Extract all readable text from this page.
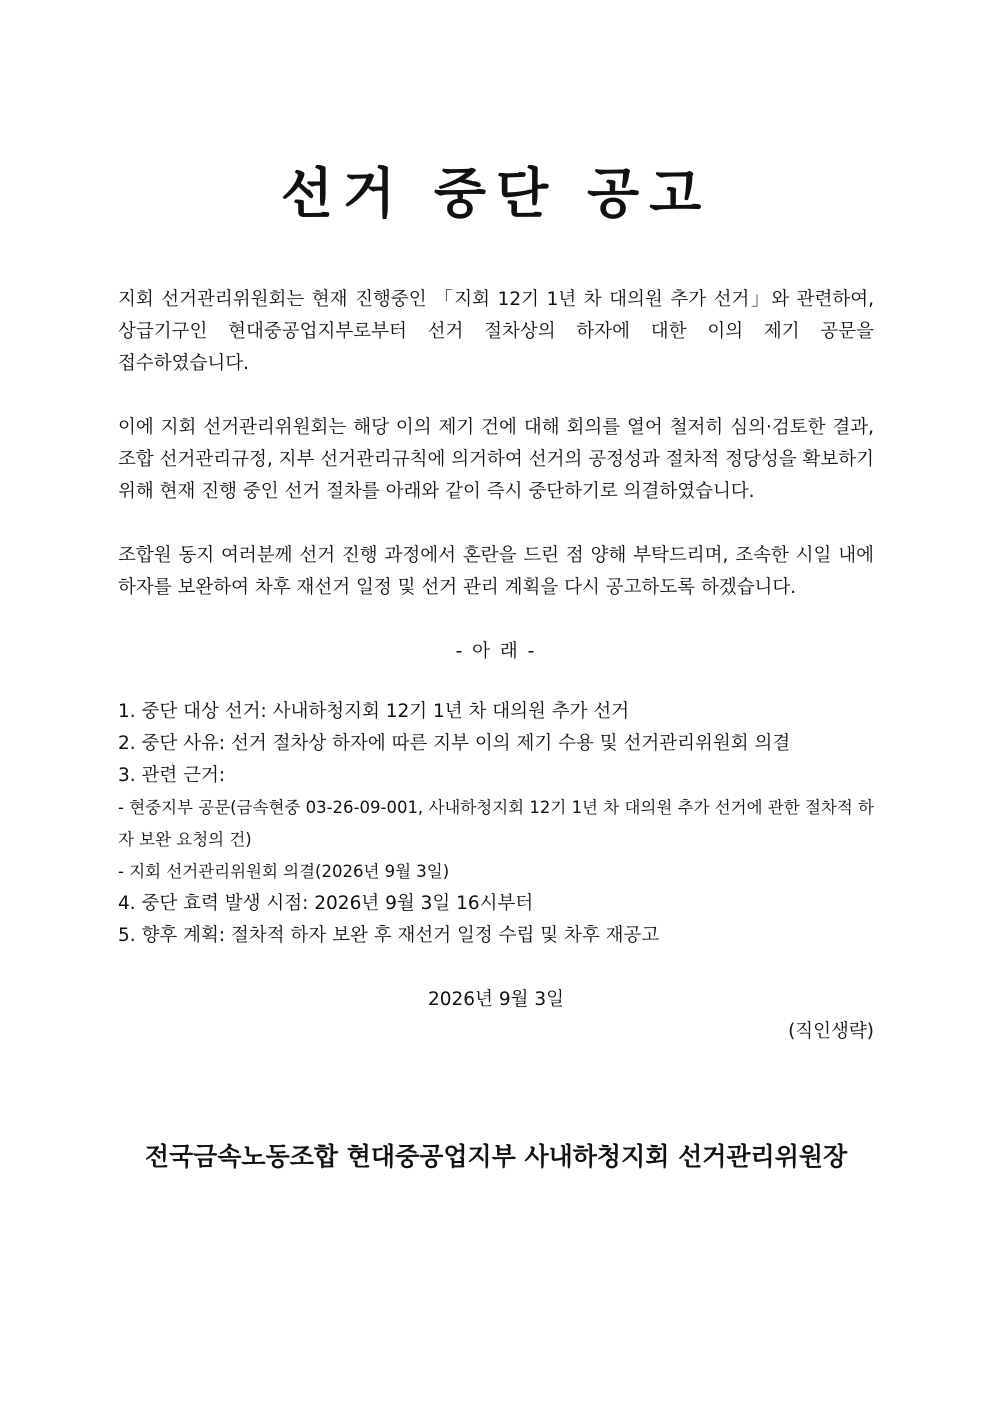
선거 중단 공고

지회 선거관리위원회는 현재 진행중인 「지회 12기 1년 차 대의원 추가 선거」와 관련하여, 상급기구인 현대중공업지부로부터 선거 절차상의 하자에 대한 이의 제기 공문을 접수하였습니다.

이에 지회 선거관리위원회는 해당 이의 제기 건에 대해 회의를 열어 철저히 심의·검토한 결과, 조합 선거관리규정, 지부 선거관리규칙에 의거하여 선거의 공정성과 절차적 정당성을 확보하기 위해 현재 진행 중인 선거 절차를 아래와 같이 즉시 중단하기로 의결하였습니다.

조합원 동지 여러분께 선거 진행 과정에서 혼란을 드린 점 양해 부탁드리며, 조속한 시일 내에 하자를 보완하여 차후 재선거 일정 및 선거 관리 계획을 다시 공고하도록 하겠습니다.

- 아 래 -

1. 중단 대상 선거: 사내하청지회 12기 1년 차 대의원 추가 선거
2. 중단 사유: 선거 절차상 하자에 따른 지부 이의 제기 수용 및 선거관리위원회 의결
3. 관련 근거:
- 현중지부 공문(금속현중 03-26-09-001, 사내하청지회 12기 1년 차 대의원 추가 선거에 관한 절차적 하자 보완 요청의 건)
- 지회 선거관리위원회 의결(2026년 9월 3일)
4. 중단 효력 발생 시점: 2026년 9월 3일 16시부터
5. 향후 계획: 절차적 하자 보완 후 재선거 일정 수립 및 차후 재공고

2026년 9월 3일

(직인생략)

전국금속노동조합 현대중공업지부 사내하청지회 선거관리위원장
